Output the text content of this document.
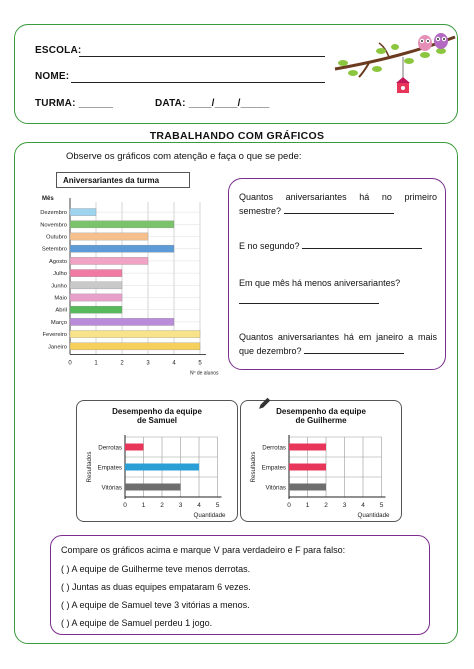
ESCOLA:
NOME:
TURMA: ______	DATA: ____/____/_____
TRABALHANDO COM GRÁFICOS
Observe os gráficos com atenção e faça o que se pede:
Aniversariantes da turma
Mês
Dezembro
Novembro
Outubro
Setembro
Agosto
Julho
Junho
Maio
Abril
Março
Fevereiro
Janeiro
0	1	2	3	4	5
Nº de alunos
Quantos aniversariantes há no primeiro semestre?
E no segundo?
Em que mês há menos aniversariantes?

Quantos aniversariantes há em janeiro a mais que dezembro?
Desempenho da equipe
de Samuel
Derrotas
Empates
Vitórias
0 1 2 3 4 5
Quantidade
Resultados
Desempenho da equipe
de Guilherme
Derrotas
Empates
Vitórias
0 1 2 3 4 5
Quantidade
Resultados
Compare os gráficos acima e marque V para verdadeiro e F para falso:
( ) A equipe de Guilherme teve menos derrotas.
( ) Juntas as duas equipes empataram 6 vezes.
( ) A equipe de Samuel teve 3 vitórias a menos.
( ) A equipe de Samuel perdeu 1 jogo.
